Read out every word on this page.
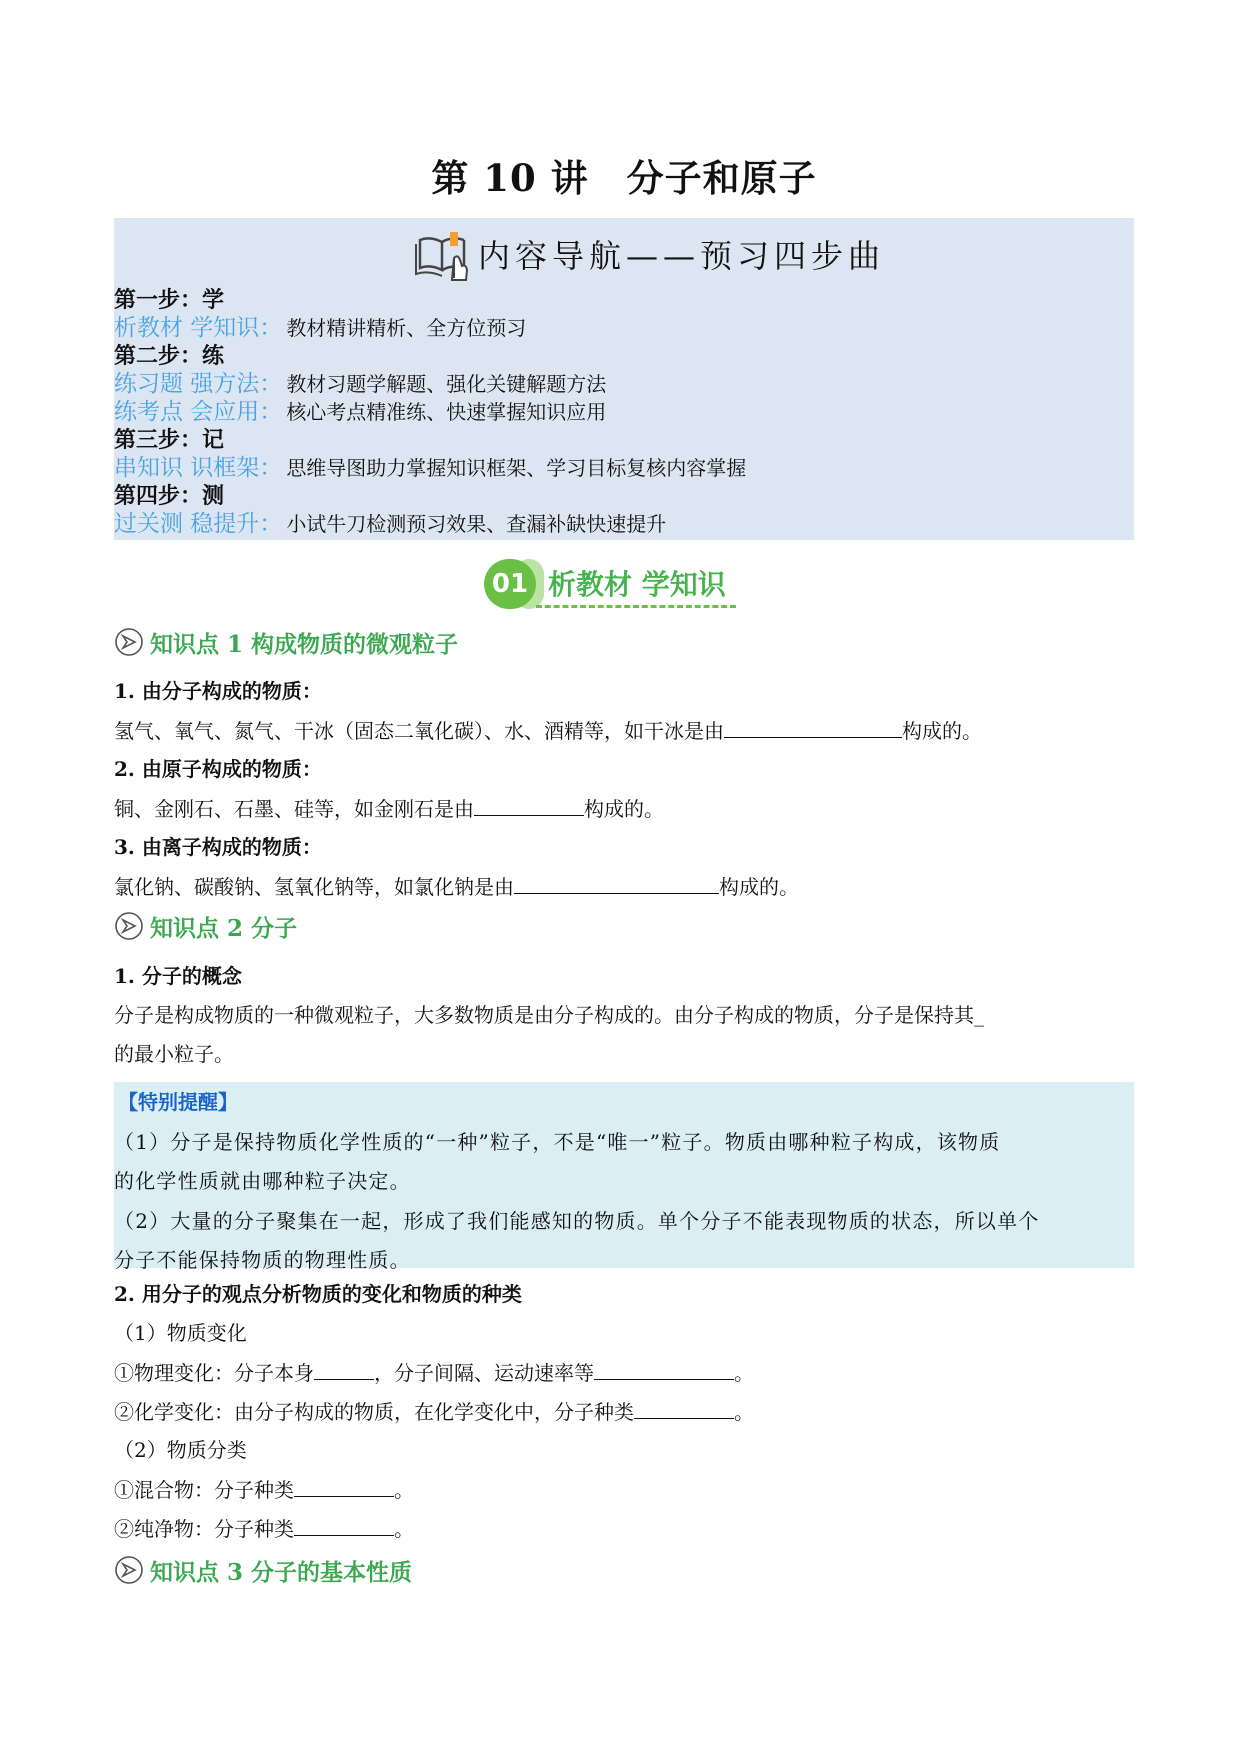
第 10 讲　分子和原子
内容导航——预习四步曲
第一步：学
析教材 学知识： 教材精讲精析、全方位预习
第二步：练
练习题 强方法： 教材习题学解题、强化关键解题方法
练考点 会应用： 核心考点精准练、快速掌握知识应用
第三步：记
串知识 识框架： 思维导图助力掌握知识框架、学习目标复核内容掌握
第四步：测
过关测 稳提升： 小试牛刀检测预习效果、查漏补缺快速提升
01 析教材 学知识
知识点 1 构成物质的微观粒子
1. 由分子构成的物质：
氢气、氧气、氮气、干冰（固态二氧化碳）、水、酒精等，如干冰是由	构成的。
2. 由原子构成的物质：
铜、金刚石、石墨、硅等，如金刚石是由	构成的。
3. 由离子构成的物质：
氯化钠、碳酸钠、氢氧化钠等，如氯化钠是由	构成的。
知识点 2 分子
1. 分子的概念
分子是构成物质的一种微观粒子，大多数物质是由分子构成的。由分子构成的物质，分子是保持其_
的最小粒子。
【特别提醒】
（1）分子是保持物质化学性质的“一种”粒子，不是“唯一”粒子。物质由哪种粒子构成，该物质
的化学性质就由哪种粒子决定。
（2）大量的分子聚集在一起，形成了我们能感知的物质。单个分子不能表现物质的状态，所以单个
分子不能保持物质的物理性质。
2. 用分子的观点分析物质的变化和物质的种类
（1）物质变化
①物理变化：分子本身	，分子间隔、运动速率等	。
②化学变化：由分子构成的物质，在化学变化中，分子种类	。
（2）物质分类
①混合物：分子种类	。
②纯净物：分子种类	。
知识点 3 分子的基本性质
